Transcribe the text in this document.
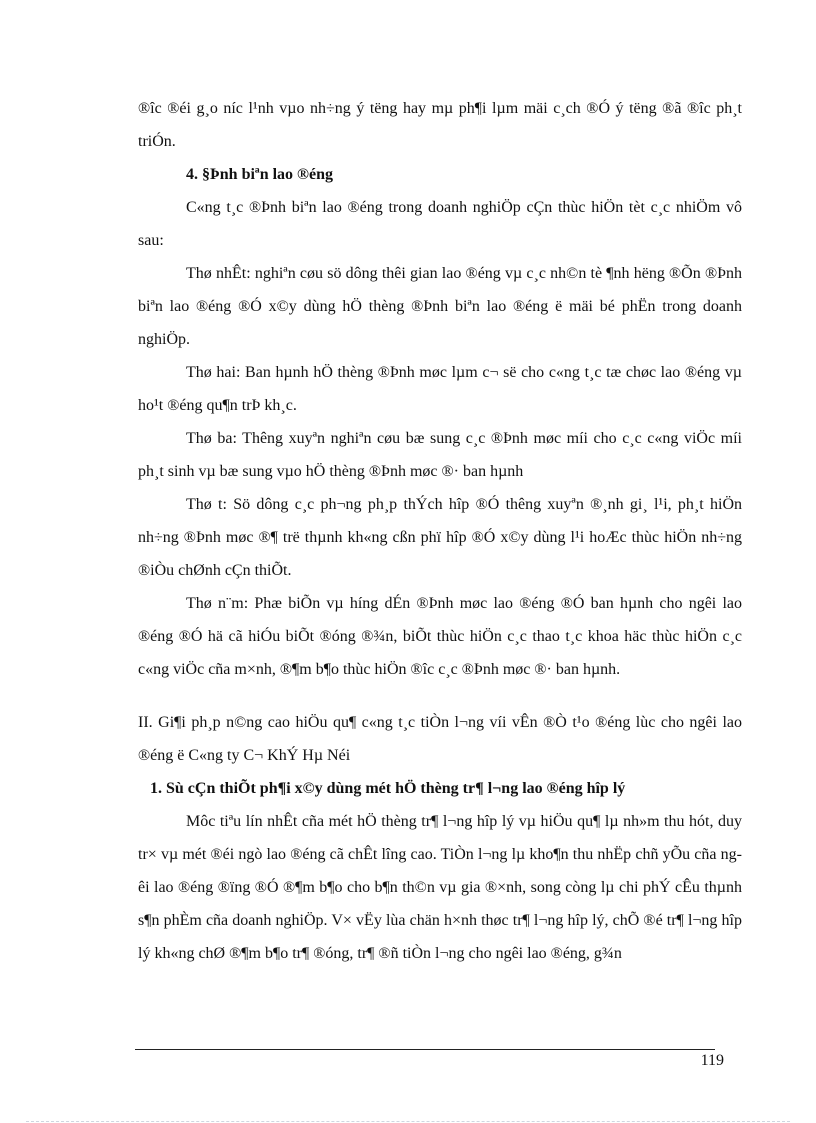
®îc ®éi g¸o níc l¹nh vµo nh÷ng ý tëng hay mµ ph¶i lµm mäi c¸ch ®Ó ý tëng ®ã ®îc ph¸t triÓn.

4. §Þnh biªn lao ®éng

C«ng t¸c ®Þnh biªn lao ®éng trong doanh nghiÖp cÇn thùc hiÖn tèt c¸c nhiÖm vô sau:

Thø nhÊt: nghiªn cøu sö dông thêi gian lao ®éng vµ c¸c nh©n tè ¶nh hëng ®Õn ®Þnh biªn lao ®éng ®Ó x©y dùng hÖ thèng ®Þnh biªn lao ®éng ë mäi bé phËn trong doanh nghiÖp.

Thø hai: Ban hµnh hÖ thèng ®Þnh møc lµm c¬ së cho c«ng t¸c tæ chøc lao ®éng vµ ho¹t ®éng qu¶n trÞ kh¸c.

Thø ba: Thêng xuyªn nghiªn cøu bæ sung c¸c ®Þnh møc míi cho c¸c c«ng viÖc míi ph¸t sinh vµ bæ sung vµo hÖ thèng ®Þnh møc ®· ban hµnh

Thø t: Sö dông c¸c ph¬ng ph¸p thÝch hîp ®Ó thêng xuyªn ®¸nh gi¸ l¹i, ph¸t hiÖn nh÷ng ®Þnh møc ®¶ trë thµnh kh«ng cßn phï hîp ®Ó x©y dùng l¹i hoÆc thùc hiÖn nh÷ng ®iÒu chØnh cÇn thiÕt.

Thø n¨m: Phæ biÕn vµ híng dÉn ®Þnh møc lao ®éng ®Ó ban hµnh cho ngêi lao ®éng ®Ó hä cã hiÓu biÕt ®óng ®¾n, biÕt thùc hiÖn c¸c thao t¸c khoa häc thùc hiÖn c¸c c«ng viÖc cña m×nh, ®¶m b¶o thùc hiÖn ®îc c¸c ®Þnh møc ®· ban hµnh.

II. Gi¶i ph¸p n©ng cao hiÖu qu¶ c«ng t¸c tiÒn l¬ng víi vÊn ®Ò t¹o ®éng lùc cho ngêi lao ®éng ë C«ng ty C¬ KhÝ Hµ Néi

1. Sù cÇn thiÕt ph¶i x©y dùng mét hÖ thèng tr¶ l¬ng lao ®éng hîp lý

Môc tiªu lín nhÊt cña mét hÖ thèng tr¶ l¬ng hîp lý vµ hiÖu qu¶ lµ nh»m thu hót, duy tr× vµ mét ®éi ngò lao ®éng cã chÊt lîng cao. TiÒn l¬ng lµ kho¶n thu nhËp chñ yÕu cña ngêi lao ®éng ®ïng ®Ó ®¶m b¶o cho b¶n th©n vµ gia ®×nh, song còng lµ chi phÝ cÊu thµnh s¶n phÈm cña doanh nghiÖp. V× vËy lùa chän h×nh thøc tr¶ l¬ng hîp lý, chÕ ®é tr¶ l¬ng hîp lý kh«ng chØ ®¶m b¶o tr¶ ®óng, tr¶ ®ñ tiÒn l¬ng cho ngêi lao ®éng, g¾n

119
